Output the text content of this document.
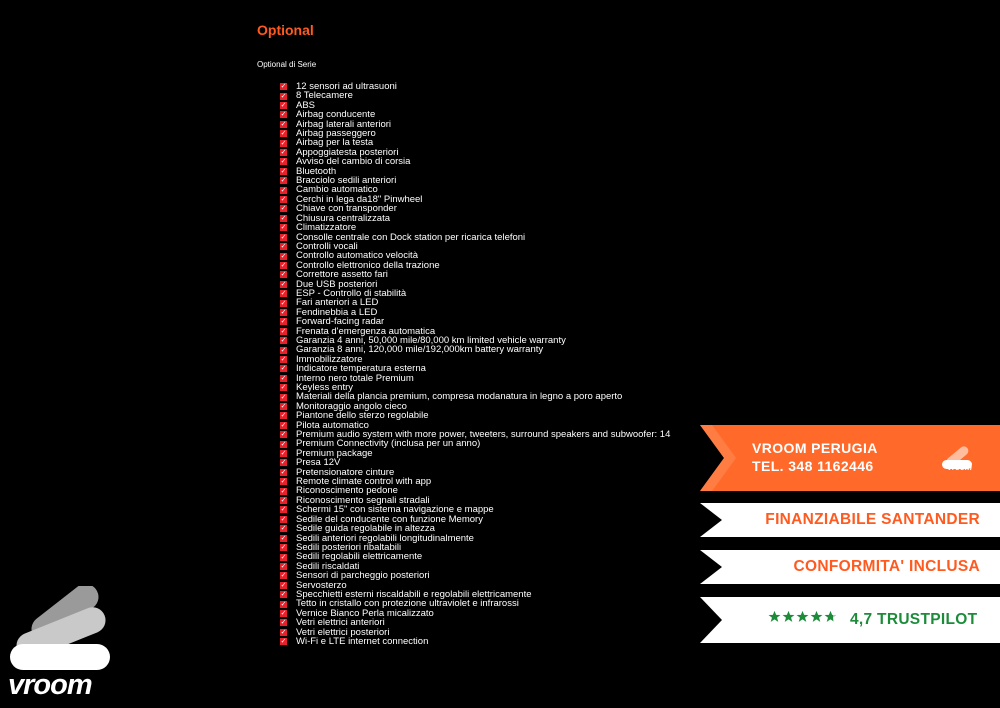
Optional
Optional di Serie
✓ 12 sensori ad ultrasuoni
✓ 8 Telecamere
✓ ABS
✓ Airbag conducente
✓ Airbag laterali anteriori
✓ Airbag passeggero
✓ Airbag per la testa
✓ Appoggiatesta posteriori
✓ Avviso del cambio di corsia
✓ Bluetooth
✓ Bracciolo sedili anteriori
✓ Cambio automatico
✓ Cerchi in lega da18" Pinwheel
✓ Chiave con transponder
✓ Chiusura centralizzata
✓ Climatizzatore
✓ Consolle centrale con Dock station per ricarica telefoni
✓ Controlli vocali
✓ Controllo automatico velocità
✓ Controllo elettronico della trazione
✓ Correttore assetto fari
✓ Due USB posteriori
✓ ESP - Controllo di stabilità
✓ Fari anteriori a LED
✓ Fendinebbia a LED
✓ Forward-facing radar
✓ Frenata d'emergenza automatica
✓ Garanzia 4 anni, 50,000 mile/80,000 km limited vehicle warranty
✓ Garanzia 8 anni, 120,000 mile/192,000km battery warranty
✓ Immobilizzatore
✓ Indicatore temperatura esterna
✓ Interno nero totale Premium
✓ Keyless entry
✓ Materiali della plancia premium, compresa modanatura in legno a poro aperto
✓ Monitoraggio angolo cieco
✓ Piantone dello sterzo regolabile
✓ Pilota automatico
✓ Premium audio system with more power, tweeters, surround speakers and subwoofer: 14
✓ Premium Connectivity (inclusa per un anno)
✓ Premium package
✓ Presa 12V
✓ Pretensionatore cinture
✓ Remote climate control with app
✓ Riconoscimento pedone
✓ Riconoscimento segnali stradali
✓ Schermi 15" con sistema navigazione e mappe
✓ Sedile del conducente con funzione Memory
✓ Sedile guida regolabile in altezza
✓ Sedili anteriori regolabili longitudinalmente
✓ Sedili posteriori ribaltabili
✓ Sedili regolabili elettricamente
✓ Sedili riscaldati
✓ Sensori di parcheggio posteriori
✓ Servosterzo
✓ Specchietti esterni riscaldabili e regolabili elettricamente
✓ Tetto in cristallo con protezione ultraviolet e infrarossi
✓ Vernice Bianco Perla micalizzato
✓ Vetri elettrici anteriori
✓ Vetri elettrici posteriori
✓ Wi-Fi e LTE internet connection
VROOM PERUGIA
TEL. 348 1162446	vroom
FINANZIABILE SANTANDER
CONFORMITA' INCLUSA
4,7 TRUSTPILOT
vroom
